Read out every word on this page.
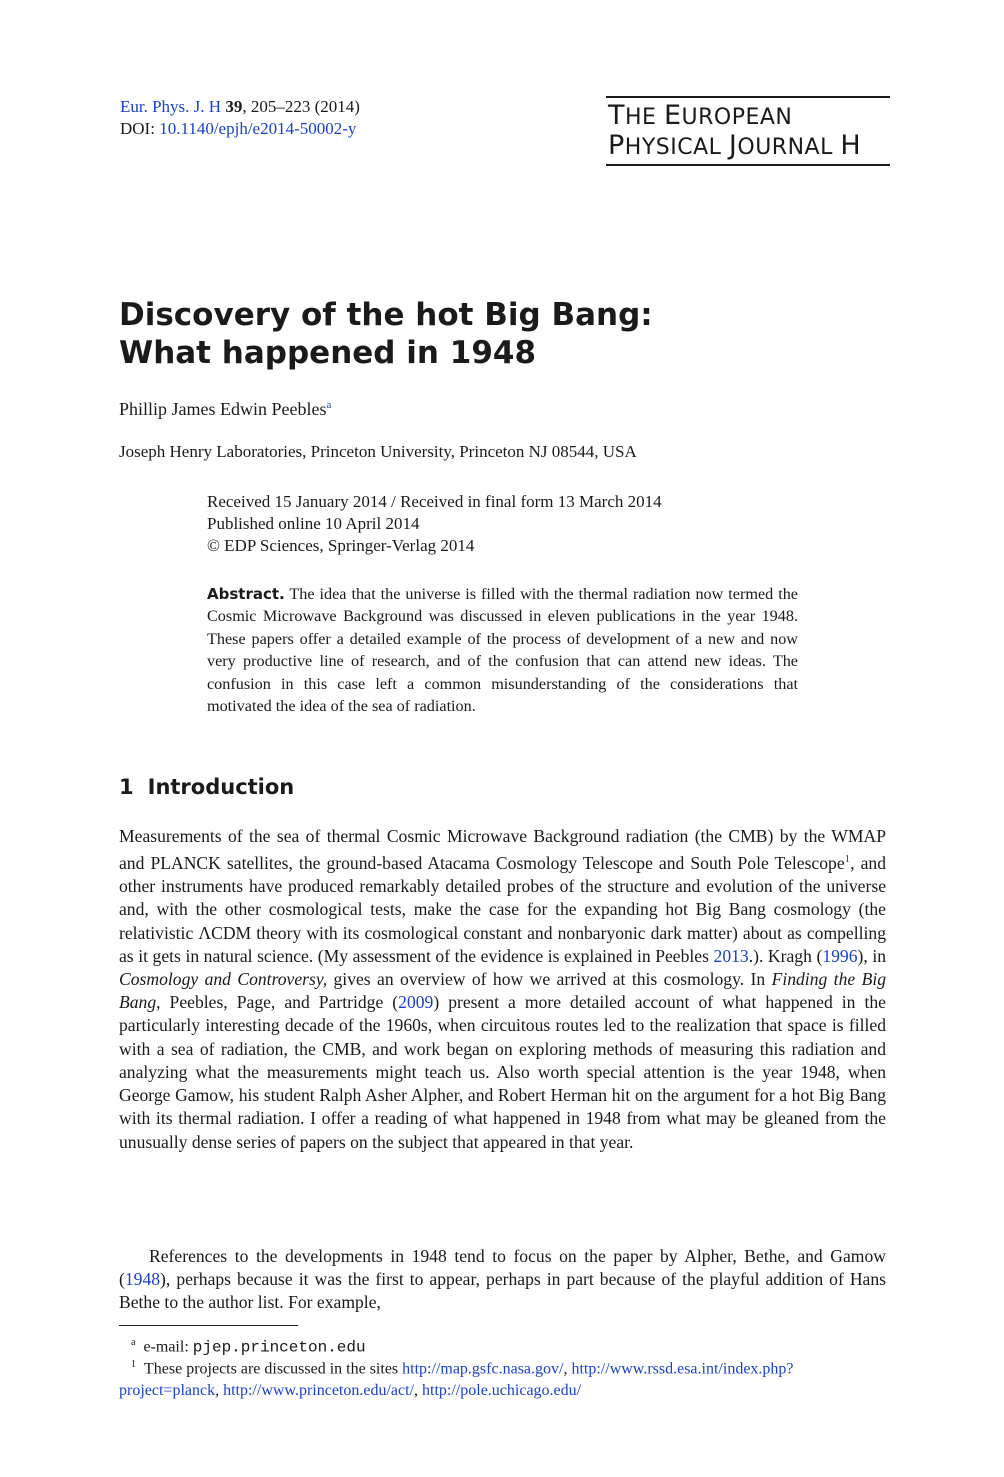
Eur. Phys. J. H 39, 205–223 (2014)
DOI: 10.1140/epjh/e2014-50002-y	THE EUROPEAN
PHYSICAL JOURNAL H
Discovery of the hot Big Bang:
What happened in 1948
Phillip James Edwin Peebles$^a$
Joseph Henry Laboratories, Princeton University, Princeton NJ 08544, USA
Received 15 January 2014 / Received in final form 13 March 2014
Published online 10 April 2014
© EDP Sciences, Springer-Verlag 2014
Abstract. The idea that the universe is filled with the thermal radiation now termed the Cosmic Microwave Background was discussed in eleven publications in the year 1948. These papers offer a detailed example of the process of development of a new and now very productive line of research, and of the confusion that can attend new ideas. The confusion in this case left a common misunderstanding of the considerations that motivated the idea of the sea of radiation.
1 Introduction
Measurements of the sea of thermal Cosmic Microwave Background radiation (the CMB) by the WMAP and PLANCK satellites, the ground-based Atacama Cosmology Telescope and South Pole Telescope$^1$, and other instruments have produced remarkably detailed probes of the structure and evolution of the universe and, with the other cosmological tests, make the case for the expanding hot Big Bang cosmology (the relativistic ΛCDM theory with its cosmological constant and nonbaryonic dark matter) about as compelling as it gets in natural science. (My assessment of the evidence is explained in Peebles 2013.). Kragh (1996), in Cosmology and Controversy, gives an overview of how we arrived at this cosmology. In Finding the Big Bang, Peebles, Page, and Partridge (2009) present a more detailed account of what happened in the particularly interesting decade of the 1960s, when circuitous routes led to the realization that space is filled with a sea of radiation, the CMB, and work began on exploring methods of measuring this radiation and analyzing what the measurements might teach us. Also worth special attention is the year 1948, when George Gamow, his student Ralph Asher Alpher, and Robert Herman hit on the argument for a hot Big Bang with its thermal radiation. I offer a reading of what happened in 1948 from what may be gleaned from the unusually dense series of papers on the subject that appeared in that year.
References to the developments in 1948 tend to focus on the paper by Alpher, Bethe, and Gamow (1948), perhaps because it was the first to appear, perhaps in part because of the playful addition of Hans Bethe to the author list. For example,
$^a$ e-mail: pjep.princeton.edu
$^1$ These projects are discussed in the sites http://map.gsfc.nasa.gov/, http://www.rssd.esa.int/index.php?project=planck, http://www.princeton.edu/act/, http://pole.uchicago.edu/
